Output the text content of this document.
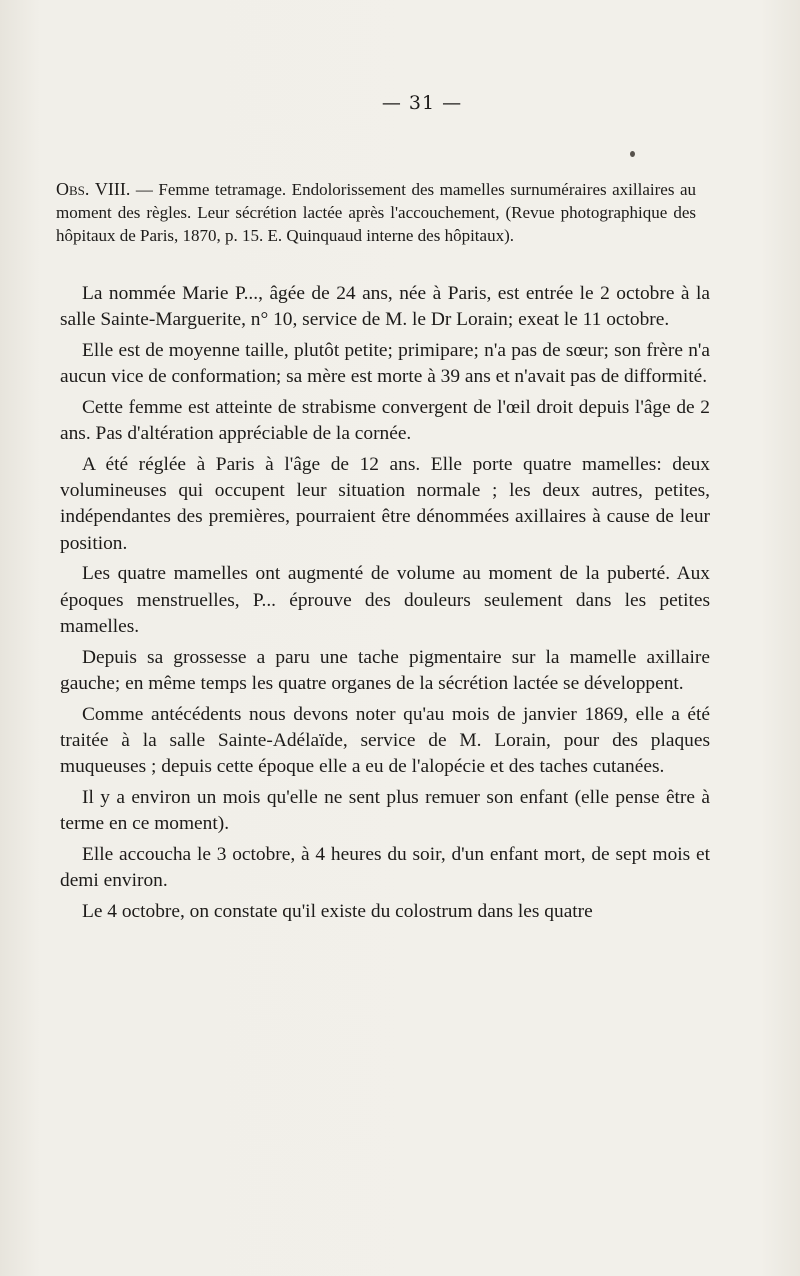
— 31 —
Obs. VIII. — Femme tetramage. Endolorissement des mamelles surnuméraires axillaires au moment des règles. Leur sécrétion lactée après l'accouchement, (Revue photographique des hôpitaux de Paris, 1870, p. 15. E. Quinquaud interne des hôpitaux).

La nommée Marie P..., âgée de 24 ans, née à Paris, est entrée le 2 octobre à la salle Sainte-Marguerite, n° 10, service de M. le Dr Lorain; exeat le 11 octobre.

Elle est de moyenne taille, plutôt petite; primipare; n'a pas de sœur; son frère n'a aucun vice de conformation; sa mère est morte à 39 ans et n'avait pas de difformité.

Cette femme est atteinte de strabisme convergent de l'œil droit depuis l'âge de 2 ans. Pas d'altération appréciable de la cornée.

A été réglée à Paris à l'âge de 12 ans. Elle porte quatre mamelles: deux volumineuses qui occupent leur situation normale ; les deux autres, petites, indépendantes des premières, pourraient être dénommées axillaires à cause de leur position.

Les quatre mamelles ont augmenté de volume au moment de la puberté. Aux époques menstruelles, P... éprouve des douleurs seulement dans les petites mamelles.

Depuis sa grossesse a paru une tache pigmentaire sur la mamelle axillaire gauche; en même temps les quatre organes de la sécrétion lactée se développent.

Comme antécédents nous devons noter qu'au mois de janvier 1869, elle a été traitée à la salle Sainte-Adélaïde, service de M. Lorain, pour des plaques muqueuses ; depuis cette époque elle a eu de l'alopécie et des taches cutanées.

Il y a environ un mois qu'elle ne sent plus remuer son enfant (elle pense être à terme en ce moment).

Elle accoucha le 3 octobre, à 4 heures du soir, d'un enfant mort, de sept mois et demi environ.

Le 4 octobre, on constate qu'il existe du colostrum dans les quatre
